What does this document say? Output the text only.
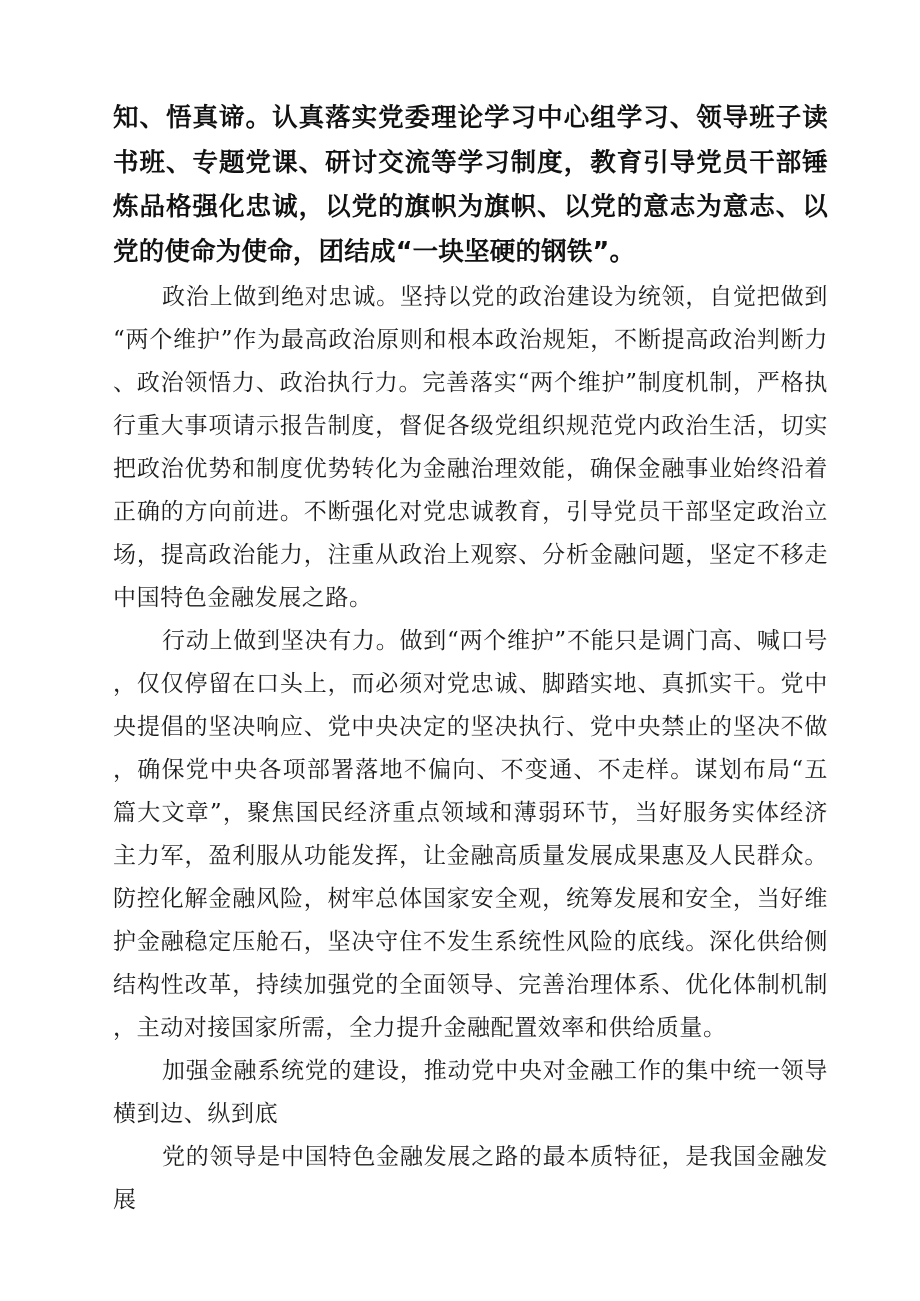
知、悟真谛。认真落实党委理论学习中心组学习、领导班子读书班、专题党课、研讨交流等学习制度，教育引导党员干部锤炼品格强化忠诚，以党的旗帜为旗帜、以党的意志为意志、以党的使命为使命，团结成“一块坚硬的钢铁”。

政治上做到绝对忠诚。坚持以党的政治建设为统领，自觉把做到“两个维护”作为最高政治原则和根本政治规矩，不断提高政治判断力、政治领悟力、政治执行力。完善落实“两个维护”制度机制，严格执行重大事项请示报告制度，督促各级党组织规范党内政治生活，切实把政治优势和制度优势转化为金融治理效能，确保金融事业始终沿着正确的方向前进。不断强化对党忠诚教育，引导党员干部坚定政治立场，提高政治能力，注重从政治上观察、分析金融问题，坚定不移走中国特色金融发展之路。

行动上做到坚决有力。做到“两个维护”不能只是调门高、喊口号，仅仅停留在口头上，而必须对党忠诚、脚踏实地、真抓实干。党中央提倡的坚决响应、党中央决定的坚决执行、党中央禁止的坚决不做，确保党中央各项部署落地不偏向、不变通、不走样。谋划布局“五篇大文章”，聚焦国民经济重点领域和薄弱环节，当好服务实体经济主力军，盈利服从功能发挥，让金融高质量发展成果惠及人民群众。防控化解金融风险，树牢总体国家安全观，统筹发展和安全，当好维护金融稳定压舱石，坚决守住不发生系统性风险的底线。深化供给侧结构性改革，持续加强党的全面领导、完善治理体系、优化体制机制，主动对接国家所需，全力提升金融配置效率和供给质量。

加强金融系统党的建设，推动党中央对金融工作的集中统一领导横到边、纵到底

党的领导是中国特色金融发展之路的最本质特征，是我国金融发展
